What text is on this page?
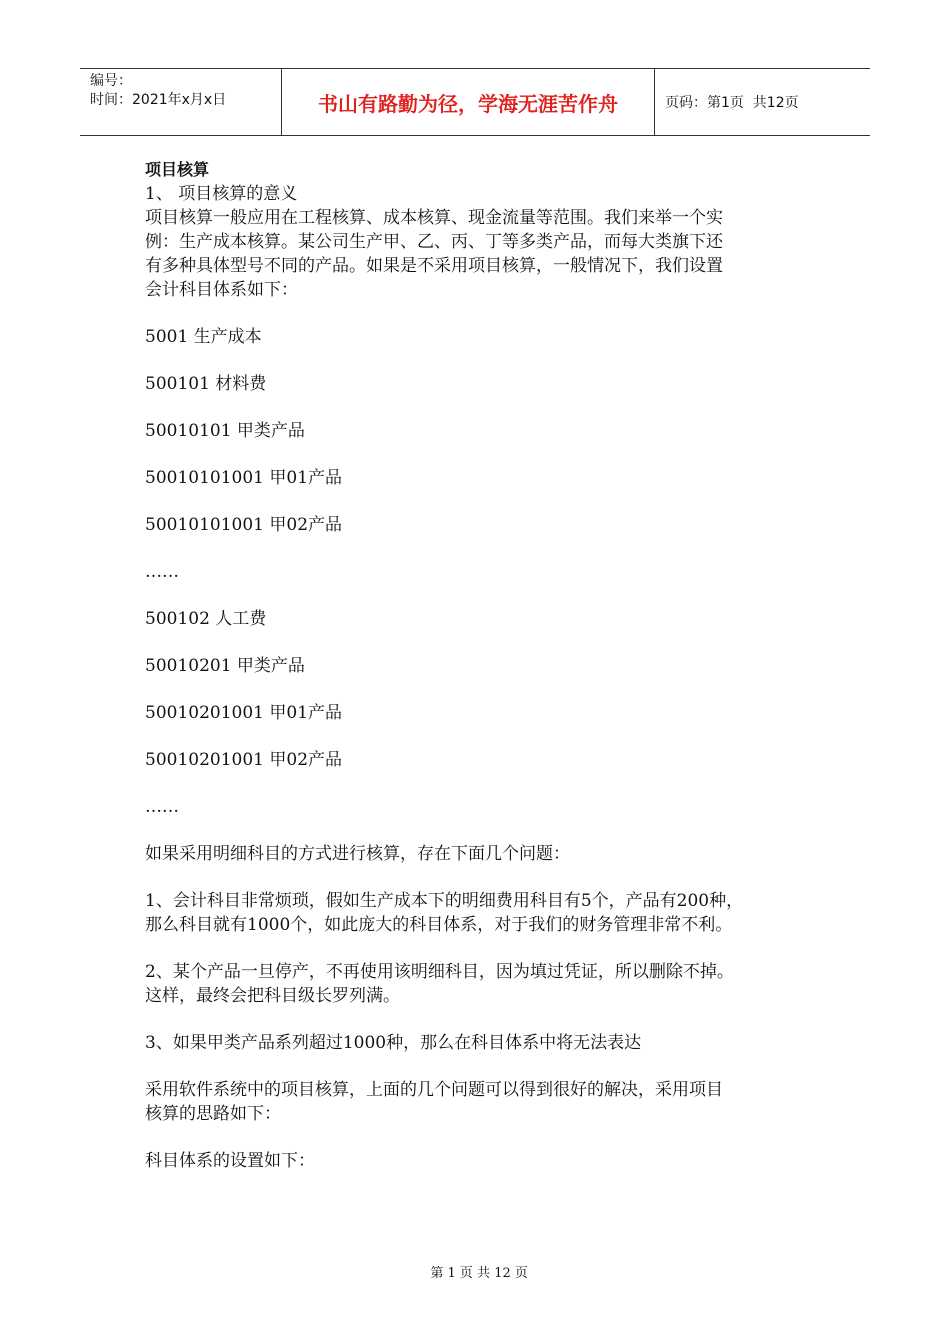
编号：
时间：2021年x月x日	书山有路勤为径，学海无涯苦作舟	页码：第1页  共12页

项目核算

1、 项目核算的意义

项目核算一般应用在工程核算、成本核算、现金流量等范围。我们来举一个实

例：生产成本核算。某公司生产甲、乙、丙、丁等多类产品，而每大类旗下还

有多种具体型号不同的产品。如果是不采用项目核算，一般情况下，我们设置

会计科目体系如下：

5001 生产成本

500101 材料费

50010101 甲类产品

50010101001 甲01产品

50010101001 甲02产品

……

500102 人工费

50010201 甲类产品

50010201001 甲01产品

50010201001 甲02产品

……

如果采用明细科目的方式进行核算，存在下面几个问题：

1、会计科目非常烦琐，假如生产成本下的明细费用科目有5个，产品有200种，

那么科目就有1000个，如此庞大的科目体系，对于我们的财务管理非常不利。

2、某个产品一旦停产，不再使用该明细科目，因为填过凭证，所以删除不掉。

这样，最终会把科目级长罗列满。

3、如果甲类产品系列超过1000种，那么在科目体系中将无法表达

采用软件系统中的项目核算，上面的几个问题可以得到很好的解决，采用项目

核算的思路如下：

科目体系的设置如下：

第 1 页 共 12 页
